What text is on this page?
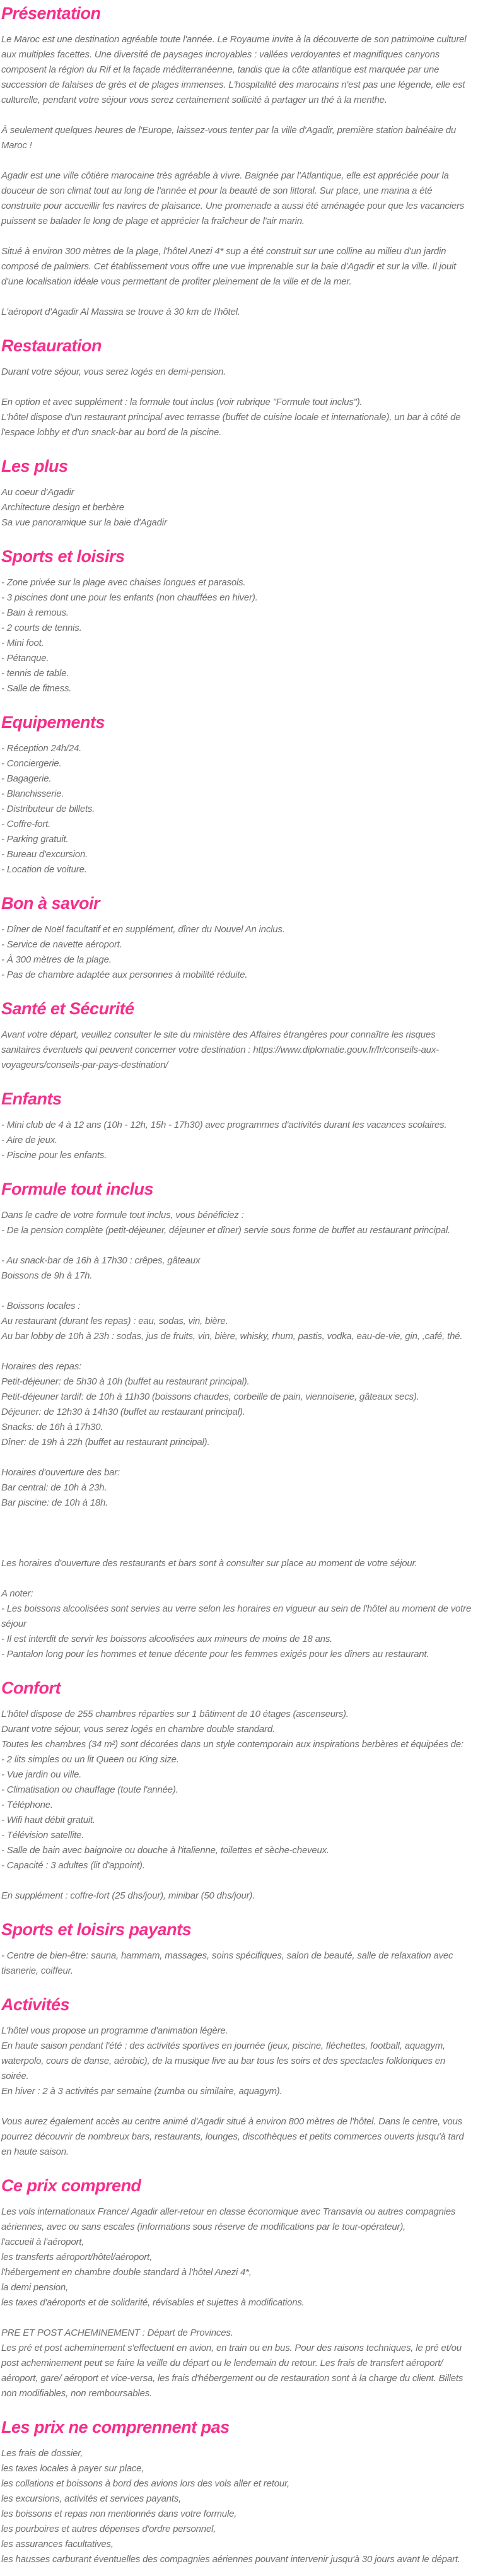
Présentation
Le Maroc est une destination agréable toute l'année. Le Royaume invite à la découverte de son patrimoine culturel aux multiples facettes. Une diversité de paysages incroyables : vallées verdoyantes et magnifiques canyons composent la région du Rif et la façade méditerranéenne, tandis que la côte atlantique est marquée par une succession de falaises de grès et de plages immenses. L'hospitalité des marocains n'est pas une légende, elle est culturelle, pendant votre séjour vous serez certainement sollicité à partager un thé à la menthe.
À seulement quelques heures de l'Europe, laissez-vous tenter par la ville d'Agadir, première station balnéaire du Maroc !
Agadir est une ville côtière marocaine très agréable à vivre. Baignée par l'Atlantique, elle est appréciée pour la douceur de son climat tout au long de l'année et pour la beauté de son littoral. Sur place, une marina a été construite pour accueillir les navires de plaisance. Une promenade a aussi été aménagée pour que les vacanciers puissent se balader le long de plage et apprécier la fraîcheur de l'air marin.
Situé à environ 300 mètres de la plage, l'hôtel Anezi 4* sup a été construit sur une colline au milieu d'un jardin composé de palmiers. Cet établissement vous offre une vue imprenable sur la baie d'Agadir et sur la ville. Il jouit d'une localisation idéale vous permettant de profiter pleinement de la ville et de la mer.
L'aéroport d'Agadir Al Massira se trouve à 30 km de l'hôtel.
Restauration
Durant votre séjour, vous serez logés en demi-pension.
En option et avec supplément : la formule tout inclus (voir rubrique "Formule tout inclus").
L'hôtel dispose d'un restaurant principal avec terrasse (buffet de cuisine locale et internationale), un bar à côté de l'espace lobby et d'un snack-bar au bord de la piscine.
Les plus
Au coeur d'Agadir
Architecture design et berbère
Sa vue panoramique sur la baie d'Agadir
Sports et loisirs
- Zone privée sur la plage avec chaises longues et parasols.
- 3 piscines dont une pour les enfants (non chauffées en hiver).
- Bain à remous.
- 2 courts de tennis.
- Mini foot.
- Pétanque.
- tennis de table.
- Salle de fitness.
Equipements
- Réception 24h/24.
- Conciergerie.
- Bagagerie.
- Blanchisserie.
- Distributeur de billets.
- Coffre-fort.
- Parking gratuit.
- Bureau d'excursion.
- Location de voiture.
Bon à savoir
- Dîner de Noël facultatif et en supplément, dîner du Nouvel An inclus.
- Service de navette aéroport.
- À 300 mètres de la plage.
- Pas de chambre adaptée aux personnes à mobilité réduite.
Santé et Sécurité
Avant votre départ, veuillez consulter le site du ministère des Affaires étrangères pour connaître les risques sanitaires éventuels qui peuvent concerner votre destination : https://www.diplomatie.gouv.fr/fr/conseils-aux-voyageurs/conseils-par-pays-destination/
Enfants
- Mini club de 4 à 12 ans (10h - 12h, 15h - 17h30) avec programmes d'activités durant les vacances scolaires.
- Aire de jeux.
- Piscine pour les enfants.
Formule tout inclus
Dans le cadre de votre formule tout inclus, vous bénéficiez :
- De la pension complète (petit-déjeuner, déjeuner et dîner) servie sous forme de buffet au restaurant principal.
- Au snack-bar de 16h à 17h30 : crêpes, gâteaux
Boissons de 9h à 17h.
- Boissons locales :
Au restaurant (durant les repas) : eau, sodas, vin, bière.
Au bar lobby de 10h à 23h : sodas, jus de fruits, vin, bière, whisky, rhum, pastis, vodka, eau-de-vie, gin, ,café, thé.
Horaires des repas:
Petit-déjeuner: de 5h30 à 10h (buffet au restaurant principal).
Petit-déjeuner tardif: de 10h à 11h30 (boissons chaudes, corbeille de pain, viennoiserie, gâteaux secs).
Déjeuner: de 12h30 à 14h30 (buffet au restaurant principal).
Snacks: de 16h à 17h30.
Dîner: de 19h à 22h (buffet au restaurant principal).
Horaires d'ouverture des bar:
Bar central: de 10h à 23h.
Bar piscine: de 10h à 18h.
Les horaires d'ouverture des restaurants et bars sont à consulter sur place au moment de votre séjour.
A noter:
- Les boissons alcoolisées sont servies au verre selon les horaires en vigueur au sein de l'hôtel au moment de votre séjour
- Il est interdit de servir les boissons alcoolisées aux mineurs de moins de 18 ans.
- Pantalon long pour les hommes et tenue décente pour les femmes exigés pour les dîners au restaurant.
Confort
L'hôtel dispose de 255 chambres réparties sur 1 bâtiment de 10 étages (ascenseurs).
Durant votre séjour, vous serez logés en chambre double standard.
Toutes les chambres (34 m²) sont décorées dans un style contemporain aux inspirations berbères et équipées de:
- 2 lits simples ou un lit Queen ou King size.
- Vue jardin ou ville.
- Climatisation ou chauffage (toute l'année).
- Téléphone.
- Wifi haut débit gratuit.
- Télévision satellite.
- Salle de bain avec baignoire ou douche à l'italienne, toilettes et sèche-cheveux.
- Capacité : 3 adultes (lit d'appoint).
En supplément : coffre-fort (25 dhs/jour), minibar (50 dhs/jour).
Sports et loisirs payants
- Centre de bien-être: sauna, hammam, massages, soins spécifiques, salon de beauté, salle de relaxation avec tisanerie, coiffeur.
Activités
L'hôtel vous propose un programme d'animation légère.
En haute saison pendant l'été : des activités sportives en journée (jeux, piscine, fléchettes, football, aquagym, waterpolo, cours de danse, aérobic), de la musique live au bar tous les soirs et des spectacles folkloriques en soirée.
En hiver : 2 à 3 activités par semaine (zumba ou similaire, aquagym).
Vous aurez également accès au centre animé d'Agadir situé à environ 800 mètres de l'hôtel. Dans le centre, vous pourrez découvrir de nombreux bars, restaurants, lounges, discothèques et petits commerces ouverts jusqu'à tard en haute saison.
Ce prix comprend
Les vols internationaux France/ Agadir aller-retour en classe économique avec Transavia ou autres compagnies aériennes, avec ou sans escales (informations sous réserve de modifications par le tour-opérateur),
l'accueil à l'aéroport,
les transferts aéroport/hôtel/aéroport,
l'hébergement en chambre double standard à l'hôtel Anezi 4*,
la demi pension,
les taxes d'aéroports et de solidarité, révisables et sujettes à modifications.
PRE ET POST ACHEMINEMENT : Départ de Provinces.
Les pré et post acheminement s'effectuent en avion, en train ou en bus. Pour des raisons techniques, le pré et/ou post acheminement peut se faire la veille du départ ou le lendemain du retour. Les frais de transfert aéroport/ aéroport, gare/ aéroport et vice-versa, les frais d'hébergement ou de restauration sont à la charge du client. Billets non modifiables, non remboursables.
Les prix ne comprennent pas
Les frais de dossier,
les taxes locales à payer sur place,
les collations et boissons à bord des avions lors des vols aller et retour,
les excursions, activités et services payants,
les boissons et repas non mentionnés dans votre formule,
les pourboires et autres dépenses d'ordre personnel,
les assurances facultatives,
les hausses carburant éventuelles des compagnies aériennes pouvant intervenir jusqu'à 30 jours avant le départ.
